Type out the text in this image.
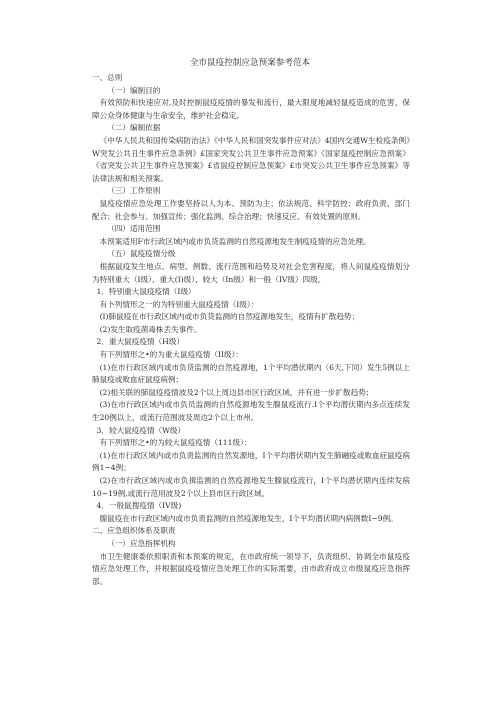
全市鼠疫控制应急预案参考范本

一、总则

（一）编制目的

有效预防和快速应对,及时控制鼠疫疫情的暴发和流行，最大限度地减轻鼠疫造成的危害，保障公众身体健康与生命安全，维护社会稳定。

（二）编制依据

《中华人民共和国传染病防治法》《中华人民和国突发事件应对法》4国内交通W生检疫条例》W突发公共丑生事件应急条例》£国家突发公共卫生事件应急预案》《国家鼠疫控制应急预案》《省突发公共卫生事件应急预案》£省鼠疫控制应急预案》£市突发公共卫生事件应急预案》等法律法规和相关预案。

（三）工作原则

鼠疫疫情应急处理工作要坚持以人为本、预防为主；依法规范、科学防控；政府负责、部门配合；社会参与、加强宣传；强化监测、综合治理；快速反应、有效处置的原则。

（四）适用范围

本预案适用F市行政区域内或市负货监测的自然疫源地发生制疫疫情的应急处理。

（五）鼠疫疫情分级

根据鼠疫发生地点、病型、例数、流行范围和趋势及对社会危害程度，将人间鼠疫疫情划分为特别重大（I级）、重大(I)级）、较大（In级）和一般（IV级）四级。

1．特别重大鼠疫疫情（I级）

有卜列情形之一的为特别重大鼠疫疫情（I级）：

(I)肺鼠疫在市行政区域内或市负货监测的自然疫源地发生，疫情有扩散趋势；

(2)发生取疫菌毒株丢失事件。

2．重大鼠疫疫情（H级）

有下列情形之•的为重大鼠疫疫情（II级）：

(1)在市行政区域内或市负货监测的自然疫源地，1个平均潜伏期内（6天,下同）发生5例以上肺鼠疫或败血症鼠疫病例；

(2)相关联的肺鼠疫疫情波及2个以上周边县市区行政区域，并有进一步扩散趋势；

(3)在市行政区域内或市负员监测的自然疫源地发生腺鼠疫流行.I个平均潜伏期内多点连续发生20例以上，或流行范围波及周边2个以上市州。

3．较大鼠疫疫情（W级）

有下列情形之•的为较大鼠疫疫情（111级）：

(1)在市行政区域内或市负责监测的自然发源地，I个平均潜伏期内发生肺融疫或败血症鼠疫病例1~4例；

(2)在市行政区域内或市负揖监测的自然疫源地发生腺鼠疫流行，I个平均潜伏期内连续发病10~19例,或流行范用波及2个以上县市区行政区域。

4．一般鼠搜疫情（IV级)

腺鼠疫在市行政区域内或市负责监测的自然疫源地发生，I个平均潜伏期内病例数I~9例。

二、应急组织体系及职责

（一）应急指挥机构

市卫生健康委依照职责和本预案的规定，在市政府统一领导下，负责组织、协调全市鼠疫疫情应急处理工作，并根据鼠疫疫情应急处理工作的实际需要，由市政府成立市级鼠疫应急指挥部。
